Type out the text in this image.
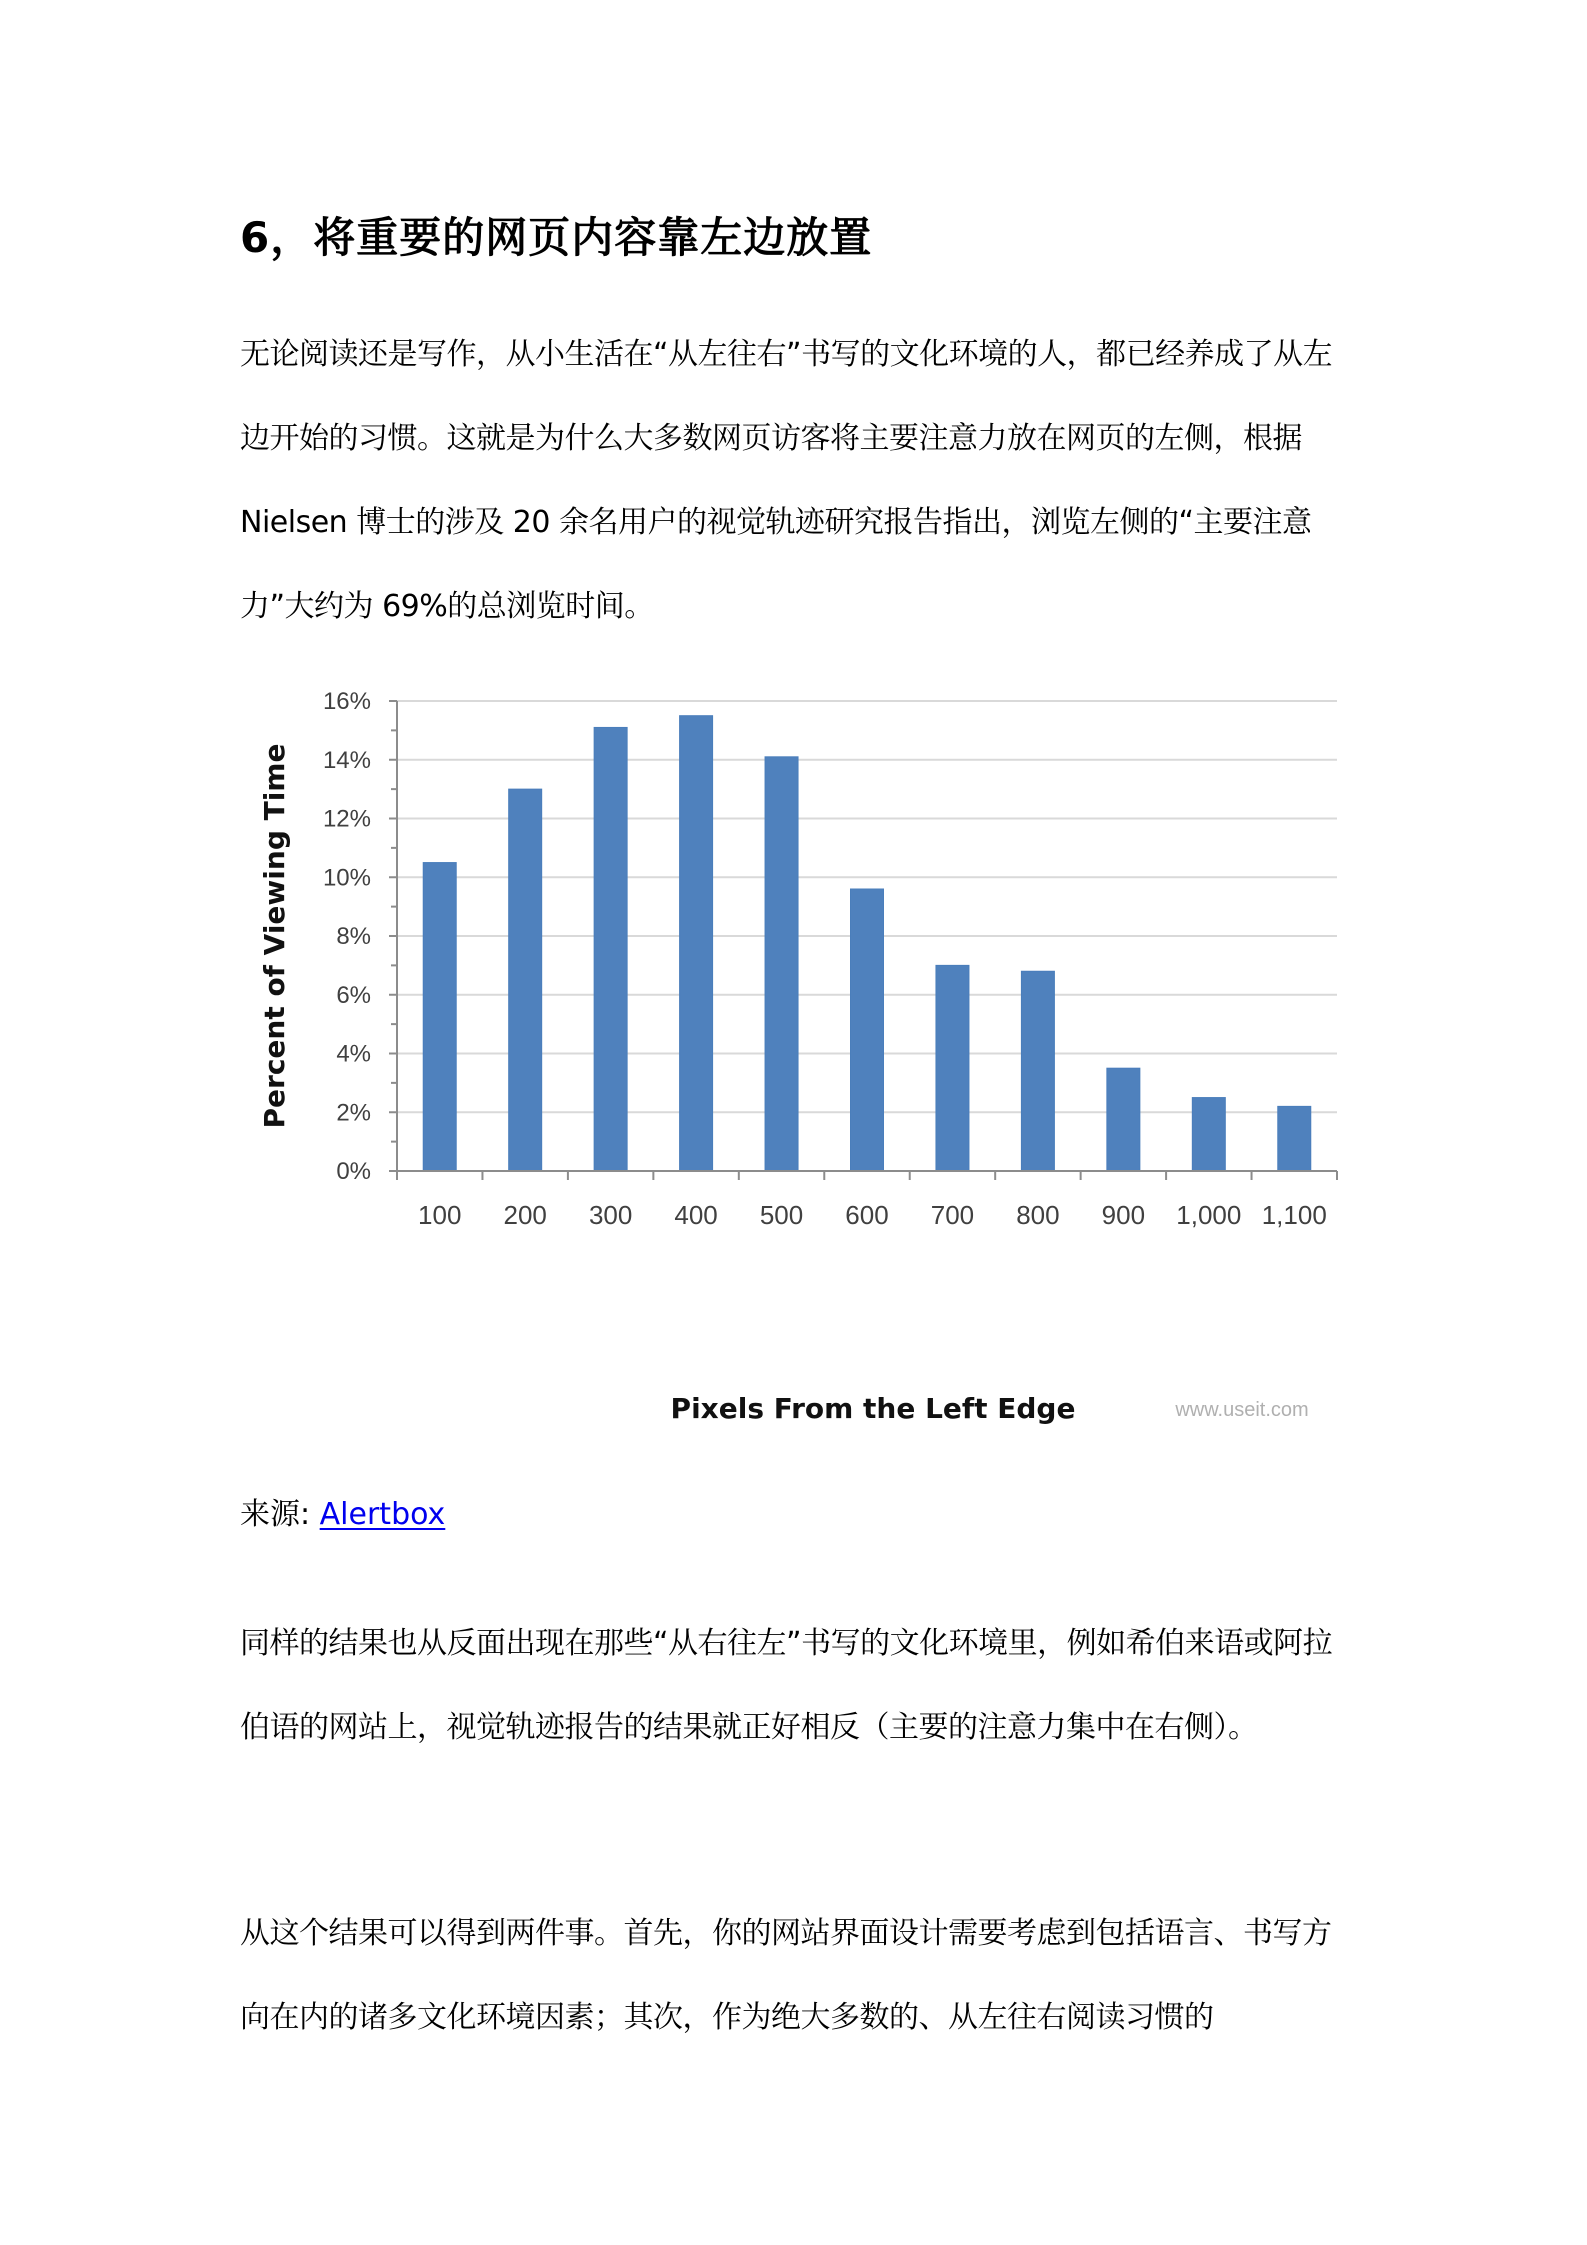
6，将重要的网页内容靠左边放置
无论阅读还是写作，从小生活在“从左往右”书写的文化环境的人，都已经养成了从左边开始的习惯。这就是为什么大多数网页访客将主要注意力放在网页的左侧，根据 Nielsen 博士的涉及 20 余名用户的视觉轨迹研究报告指出，浏览左侧的“主要注意力”大约为 69%的总浏览时间。
0%
2%
4%
6%
8%
10%
12%
14%
16%
100 200 300 400 500 600 700 800 900 1,000 1,100
Percent of Viewing Time
Pixels From the Left Edge	www.useit.com
来源: Alertbox
同样的结果也从反面出现在那些“从右往左”书写的文化环境里，例如希伯来语或阿拉伯语的网站上，视觉轨迹报告的结果就正好相反（主要的注意力集中在右侧）。
从这个结果可以得到两件事。首先，你的网站界面设计需要考虑到包括语言、书写方向在内的诸多文化环境因素；其次，作为绝大多数的、从左往右阅读习惯的
